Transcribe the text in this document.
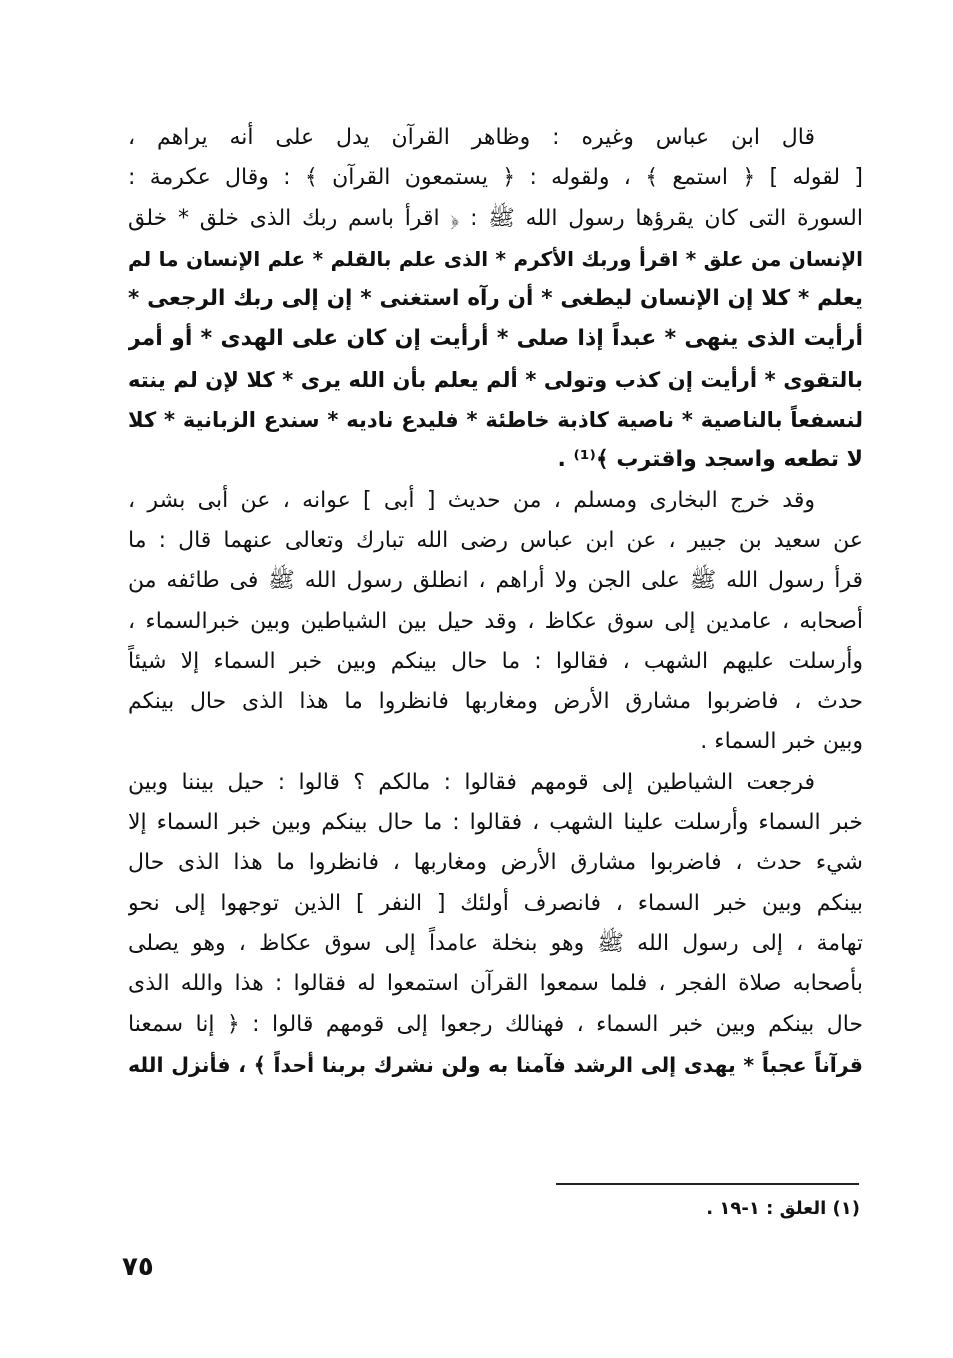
قال ابن عباس وغيره : وظاهر القرآن يدل على أنه يراهم ،
[ لقوله ] ﴿ استمع ﴾ ، ولقوله : ﴿ يستمعون القرآن ﴾ : وقال عكرمة :
السورة التى كان يقرؤها رسول الله ﷺ : ﴿ اقرأ باسم ربك الذى خلق * خلق
الإنسان من علق * اقرأ وربك الأكرم * الذى علم بالقلم * علم الإنسان ما لم
يعلم * كلا إن الإنسان ليطغى * أن رآه استغنى * إن إلى ربك الرجعى *
أرأيت الذى ينهى * عبداً إذا صلى * أرأيت إن كان على الهدى * أو أمر
بالتقوى * أرأيت إن كذب وتولى * ألم يعلم بأن الله يرى * كلا لإن لم ينته
لنسفعاً بالناصية * ناصية كاذبة خاطئة * فليدع ناديه * سندع الزبانية * كلا
لا تطعه واسجد واقترب ﴾⁽¹⁾ .
وقد خرج البخارى ومسلم ، من حديث [ أبى ] عوانه ، عن أبى بشر ،
عن سعيد بن جبير ، عن ابن عباس رضى الله تبارك وتعالى عنهما قال : ما
قرأ رسول الله ﷺ على الجن ولا أراهم ، انطلق رسول الله ﷺ فى طائفه من
أصحابه ، عامدين إلى سوق عكاظ ، وقد حيل بين الشياطين وبين خبرالسماء ،
وأرسلت عليهم الشهب ، فقالوا : ما حال بينكم وبين خبر السماء إلا شيئاً
حدث ، فاضربوا مشارق الأرض ومغاربها فانظروا ما هذا الذى حال بينكم
وبين خبر السماء .
فرجعت الشياطين إلى قومهم فقالوا : مالكم ؟ قالوا : حيل بيننا وبين
خبر السماء وأرسلت علينا الشهب ، فقالوا : ما حال بينكم وبين خبر السماء إلا
شيء حدث ، فاضربوا مشارق الأرض ومغاربها ، فانظروا ما هذا الذى حال
بينكم وبين خبر السماء ، فانصرف أولئك [ النفر ] الذين توجهوا إلى نحو
تهامة ، إلى رسول الله ﷺ وهو بنخلة عامداً إلى سوق عكاظ ، وهو يصلى
بأصحابه صلاة الفجر ، فلما سمعوا القرآن استمعوا له فقالوا : هذا والله الذى
حال بينكم وبين خبر السماء ، فهنالك رجعوا إلى قومهم قالوا : ﴿ إنا سمعنا
قرآناً عجباً * يهدى إلى الرشد فآمنا به ولن نشرك بربنا أحداً ﴾ ، فأنزل الله
(١) العلق : ١-١٩ .
٧٥
